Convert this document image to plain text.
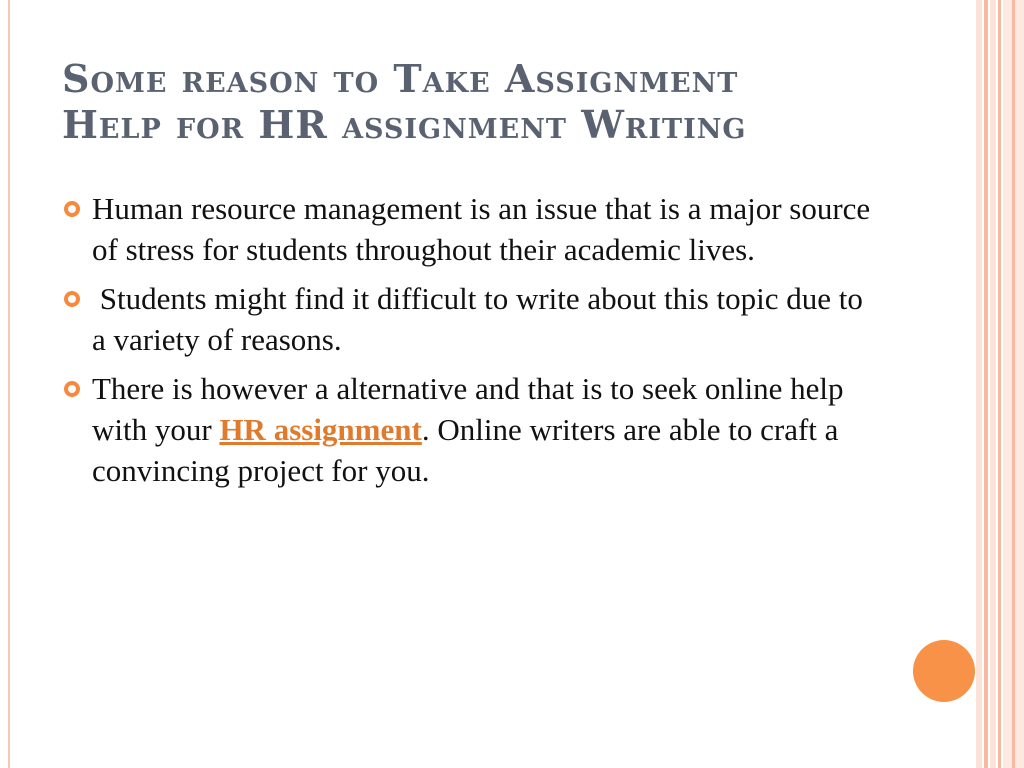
Some reason to Take Assignment
Help for HR assignment Writing
Human resource management is an issue that is a major source of stress for students throughout their academic lives.
Students might find it difficult to write about this topic due to a variety of reasons.
There is however a alternative and that is to seek online help with your HR assignment. Online writers are able to craft a convincing project for you.
